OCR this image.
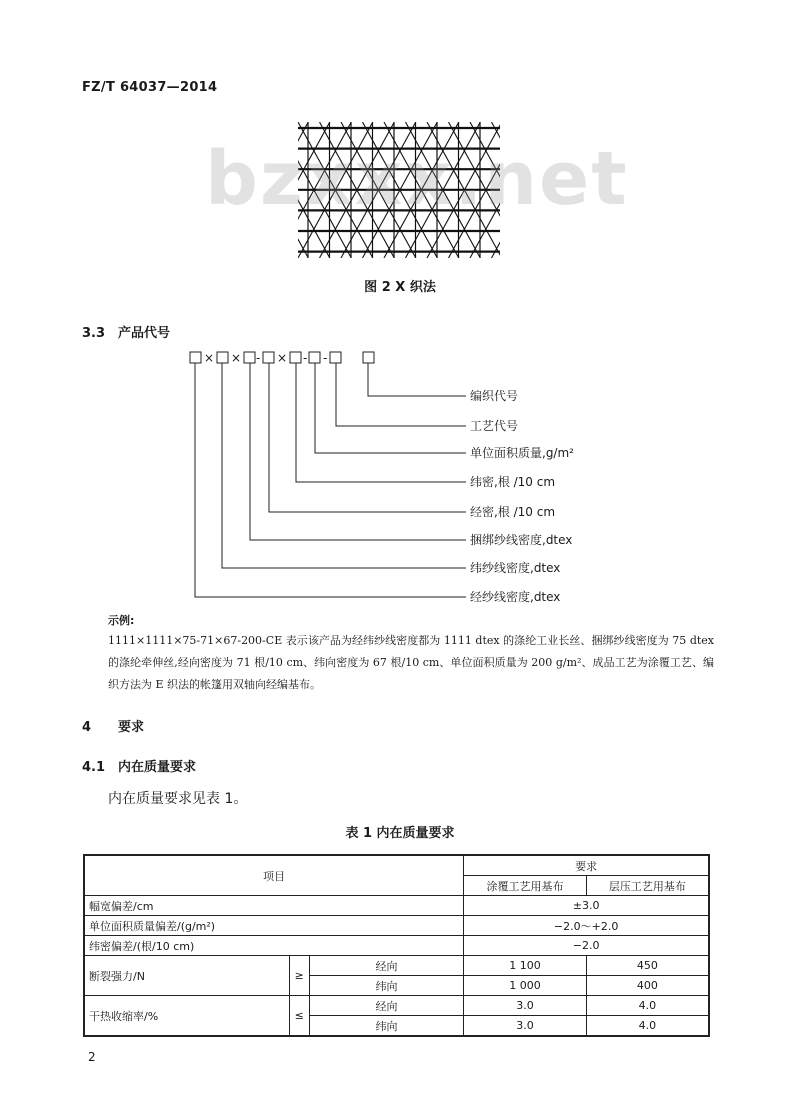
FZ/T 64037—2014
bzxxx.net
图 2 X 织法
3.3 产品代号
× × - × - -
编织代号
工艺代号
单位面积质量,g/m²
纬密,根 /10 cm
经密,根 /10 cm
捆绑纱线密度,dtex
纬纱线密度,dtex
经纱线密度,dtex
示例:
1111×1111×75-71×67-200-CE 表示该产品为经纬纱线密度都为 1111 dtex 的涤纶工业长丝、捆绑纱线密度为 75 dtex 的涤纶牵伸丝,经向密度为 71 根/10 cm、纬向密度为 67 根/10 cm、单位面积质量为 200 g/m²、成品工艺为涂覆工艺、编织方法为 E 织法的帐篷用双轴向经编基布。
4 要求
4.1 内在质量要求
内在质量要求见表 1。
表 1 内在质量要求
项目			要求	
			涂覆工艺用基布	层压工艺用基布
幅宽偏差/cm			±3.0	
单位面积质量偏差/(g/m²)			−2.0～+2.0	
纬密偏差/(根/10 cm)			−2.0	
断裂强力/N	≥	经向	1 100	450
		纬向	1 000	400
干热收缩率/%	≤	经向	3.0	4.0
		纬向	3.0	4.0
2
